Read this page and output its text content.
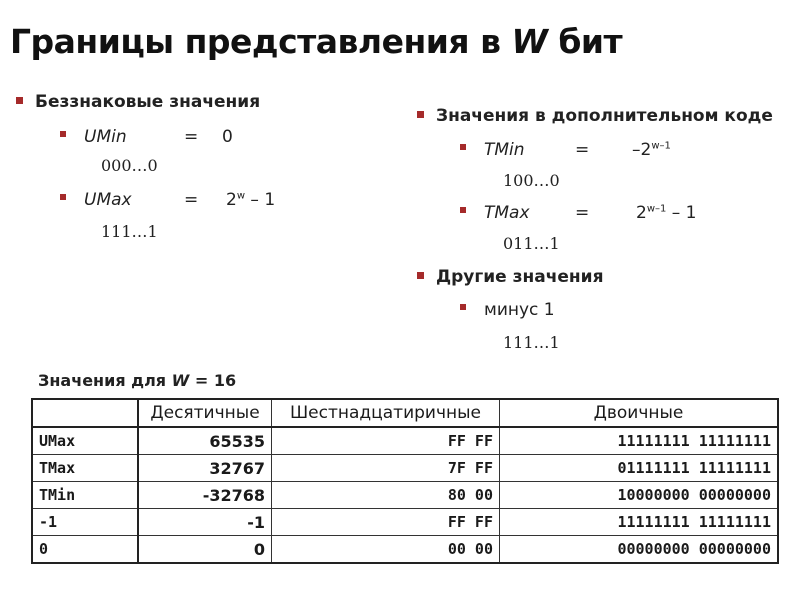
Границы представления в W бит
Беззнаковые значения
UMin	= 0
000…0
UMax	= $2^w - 1$
111…1
Значения в дополнительном коде
TMin	=	$-2^{w-1}$
100…0
TMax	=	$2^{w-1} - 1$
011…1
Другие значения
минус 1
111…1
Значения для W = 16
	Десятичные	Шестнадцатиричные	Двоичные
UMax	65535	FF FF	11111111 11111111
TMax	32767	7F FF	01111111 11111111
TMin	-32768	80 00	10000000 00000000
-1	-1	FF FF	11111111 11111111
0	0	00 00	00000000 00000000
